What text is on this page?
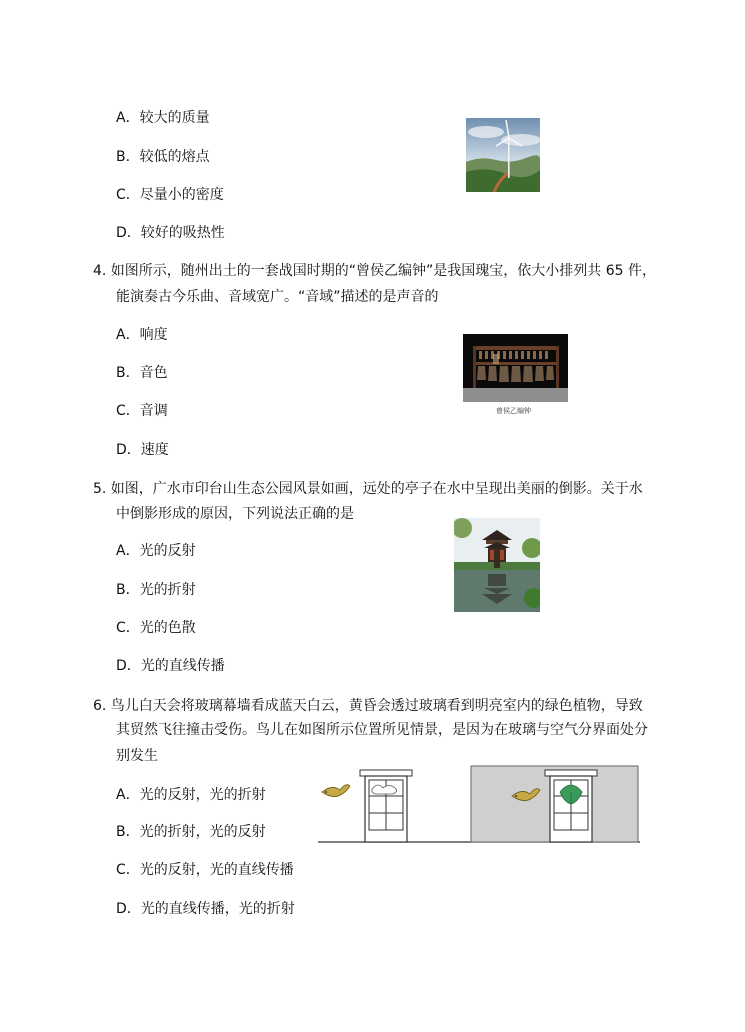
A．较大的质量
B．较低的熔点
C．尽量小的密度
D．较好的吸热性
4. 如图所示，随州出土的一套战国时期的“曾侯乙编钟”是我国瑰宝，依大小排列共 65 件，
能演奏古今乐曲、音域宽广。“音域”描述的是声音的
A．响度
B．音色
C．音调
D．速度
曾侯乙编钟
5. 如图，广水市印台山生态公园风景如画，远处的亭子在水中呈现出美丽的倒影。关于水
中倒影形成的原因，下列说法正确的是
A．光的反射
B．光的折射
C．光的色散
D．光的直线传播
6. 鸟儿白天会将玻璃幕墙看成蓝天白云，黄昏会透过玻璃看到明亮室内的绿色植物，导致
其贸然飞往撞击受伤。鸟儿在如图所示位置所见情景，是因为在玻璃与空气分界面处分
别发生
A．光的反射，光的折射
B．光的折射，光的反射
C．光的反射，光的直线传播
D．光的直线传播，光的折射
